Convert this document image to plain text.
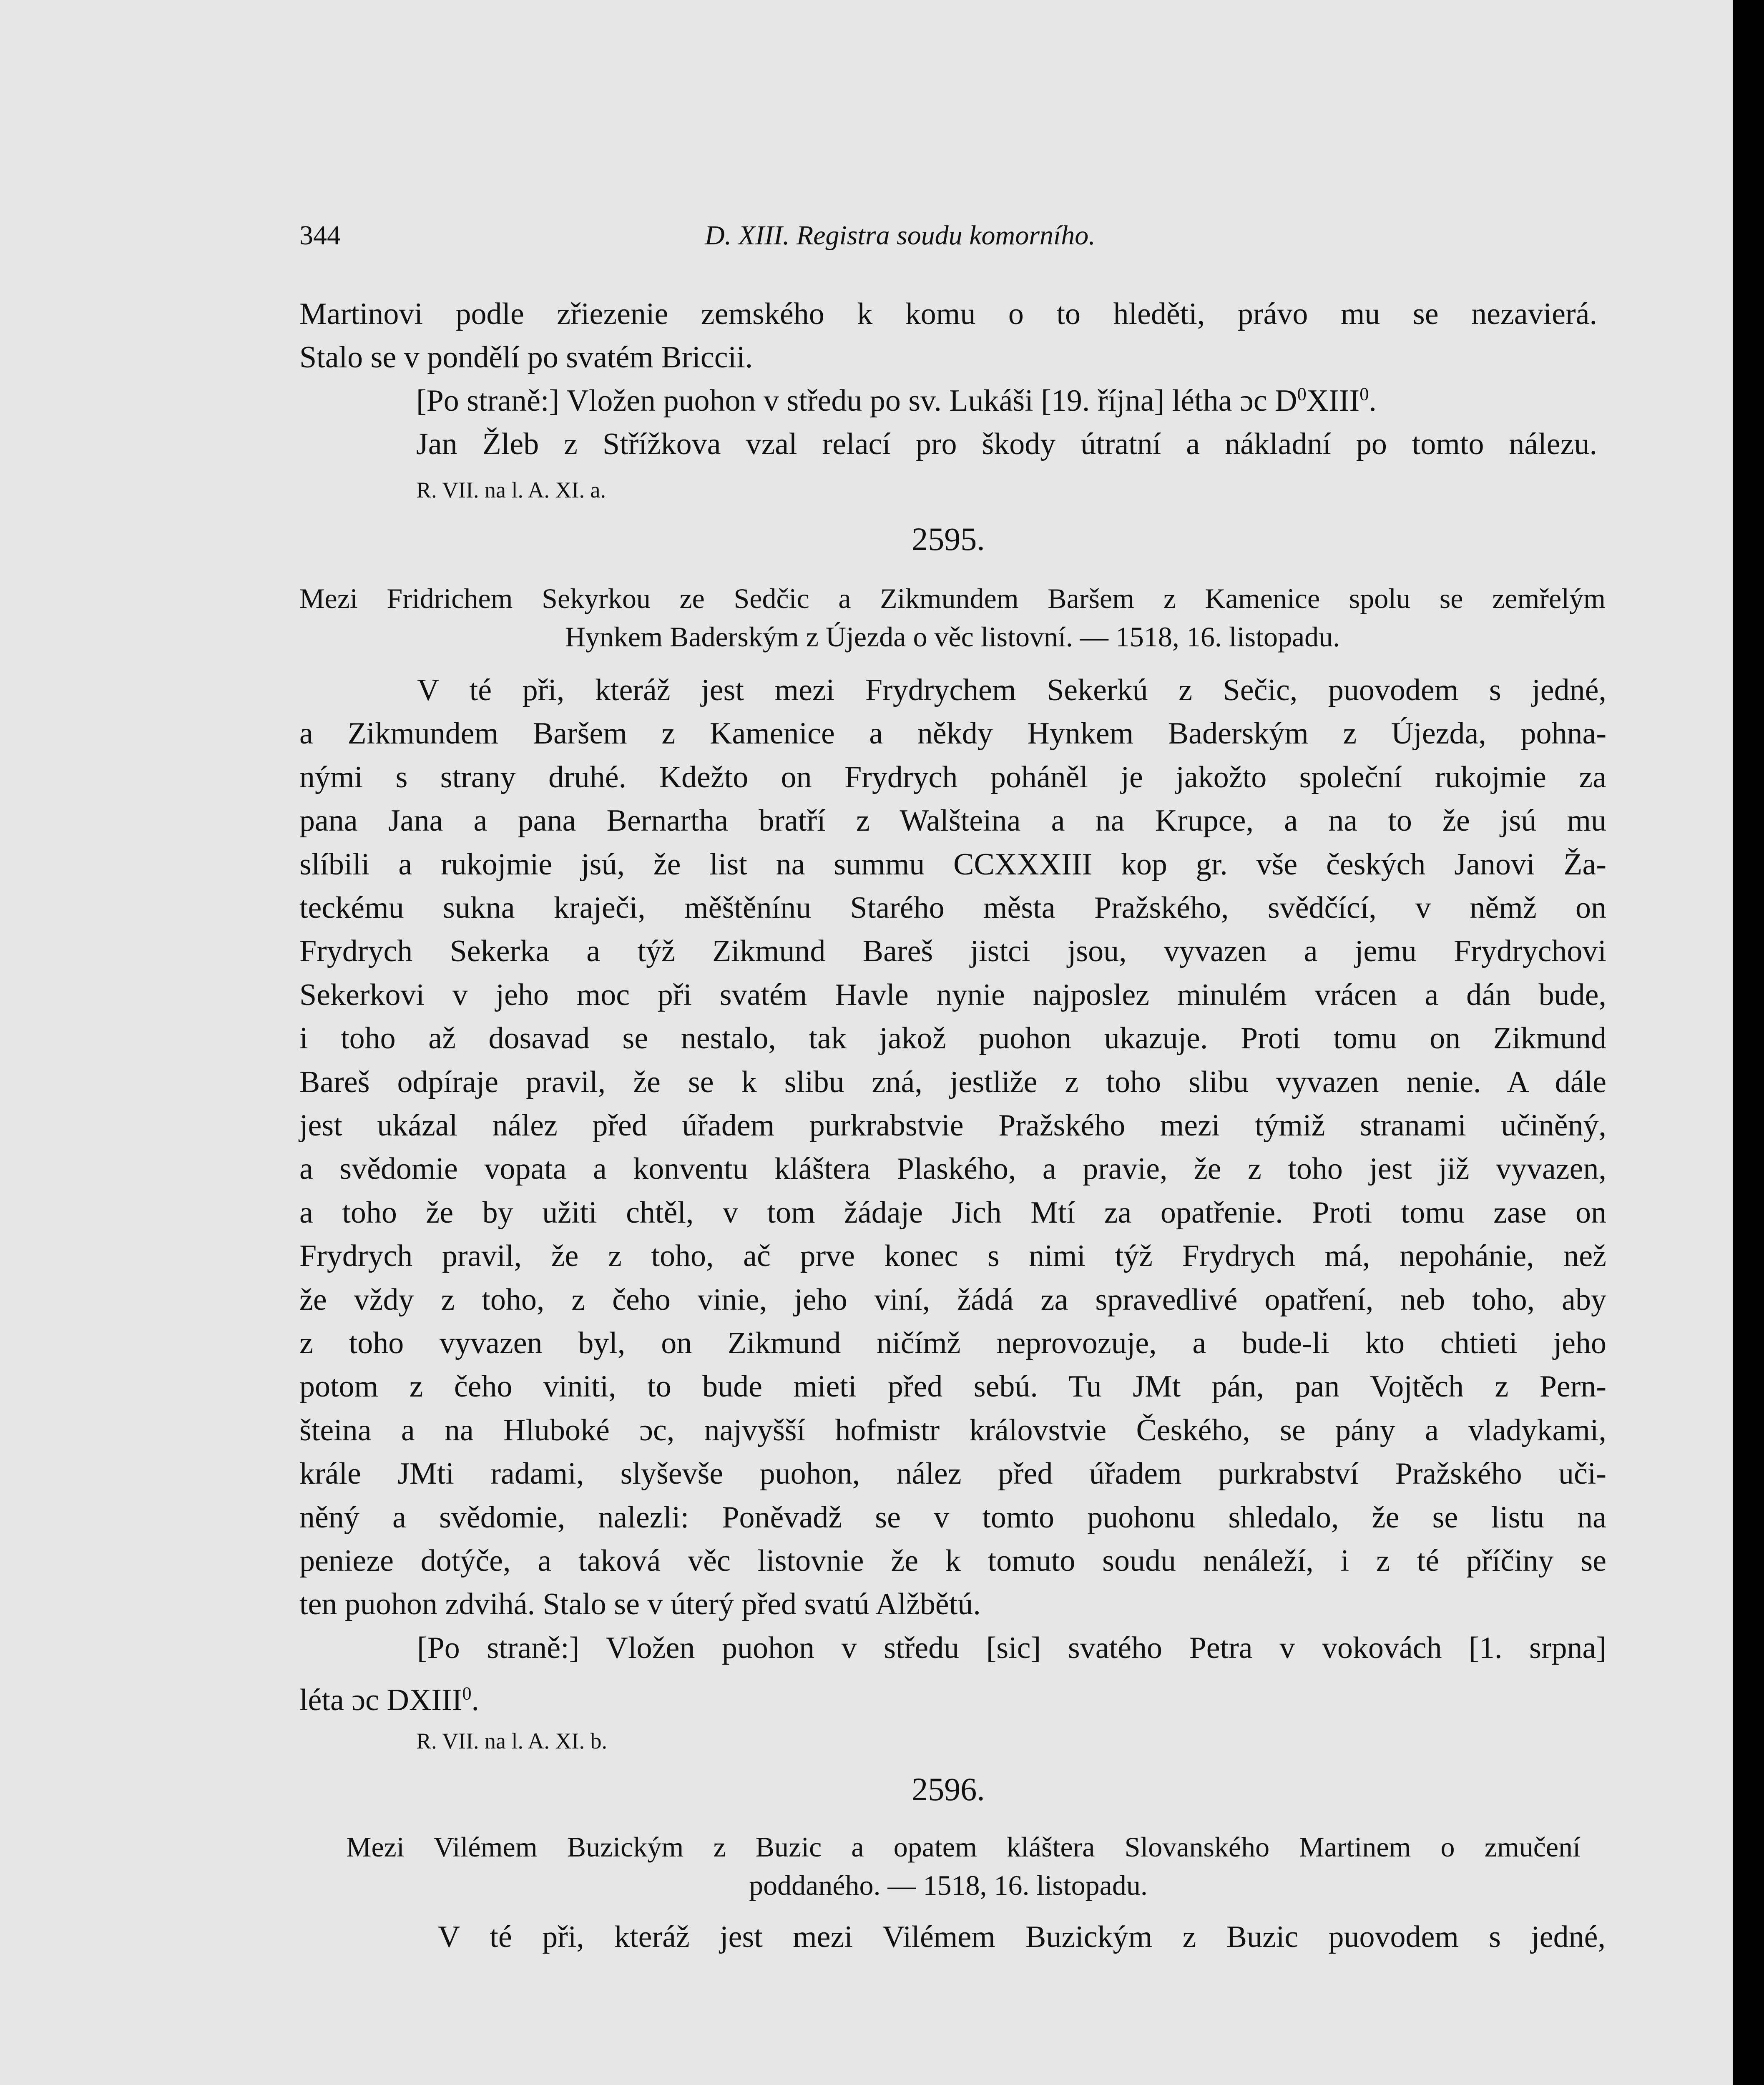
344	D. XIII. Registra soudu komorního.
Martinovi podle zřiezenie zemského k komu o to hleděti, právo mu se nezavierá.
Stalo se v pondělí po svatém Briccii.
[Po straně:] Vložen puohon v středu po sv. Lukáši [19. října] létha ɔc $D^0XIII^0$.
Jan Žleb z Střížkova vzal relací pro škody útratní a nákladní po tomto nálezu.
R. VII. na l. A. XI. a.
2595.
Mezi Fridrichem Sekyrkou ze Sedčic a Zikmundem Baršem z Kamenice spolu se zemřelým
Hynkem Baderským z Újezda o věc listovní. — 1518, 16. listopadu.
V té při, kteráž jest mezi Frydrychem Sekerkú z Sečic, puovodem s jedné,
a Zikmundem Baršem z Kamenice a někdy Hynkem Baderským z Újezda, pohna-
nými s strany druhé. Kdežto on Frydrych poháněl je jakožto společní rukojmie za
pana Jana a pana Bernartha bratří z Walšteina a na Krupce, a na to že jsú mu
slíbili a rukojmie jsú, že list na summu CCXXXIII kop gr. vše českých Janovi Ža-
teckému sukna kraječi, měštěnínu Starého města Pražského, svědčící, v němž on
Frydrych Sekerka a týž Zikmund Bareš jistci jsou, vyvazen a jemu Frydrychovi
Sekerkovi v jeho moc při svatém Havle nynie najposlez minulém vrácen a dán bude,
i toho až dosavad se nestalo, tak jakož puohon ukazuje. Proti tomu on Zikmund
Bareš odpíraje pravil, že se k slibu zná, jestliže z toho slibu vyvazen nenie. A dále
jest ukázal nález před úřadem purkrabstvie Pražského mezi týmiž stranami učiněný,
a svědomie vopata a konventu kláštera Plaského, a pravie, že z toho jest již vyvazen,
a toho že by užiti chtěl, v tom žádaje Jich Mtí za opatřenie. Proti tomu zase on
Frydrych pravil, že z toho, ač prve konec s nimi týž Frydrych má, nepohánie, než
že vždy z toho, z čeho vinie, jeho viní, žádá za spravedlivé opatření, neb toho, aby
z toho vyvazen byl, on Zikmund ničímž neprovozuje, a bude-li kto chtieti jeho
potom z čeho viniti, to bude mieti před sebú. Tu JMt pán, pan Vojtěch z Pern-
šteina a na Hluboké ɔc, najvyšší hofmistr královstvie Českého, se pány a vladykami,
krále JMti radami, slyševše puohon, nález před úřadem purkrabství Pražského uči-
něný a svědomie, nalezli: Poněvadž se v tomto puohonu shledalo, že se listu na
penieze dotýče, a taková věc listovnie že k tomuto soudu nenáleží, i z té příčiny se
ten puohon zdvihá. Stalo se v úterý před svatú Alžbětú.
[Po straně:] Vložen puohon v středu [sic] svatého Petra v vokovách [1. srpna]
léta ɔc DXIII$^0$.
R. VII. na l. A. XI. b.
2596.
Mezi Vilémem Buzickým z Buzic a opatem kláštera Slovanského Martinem o zmučení
poddaného. — 1518, 16. listopadu.
V té při, kteráž jest mezi Vilémem Buzickým z Buzic puovodem s jedné,
